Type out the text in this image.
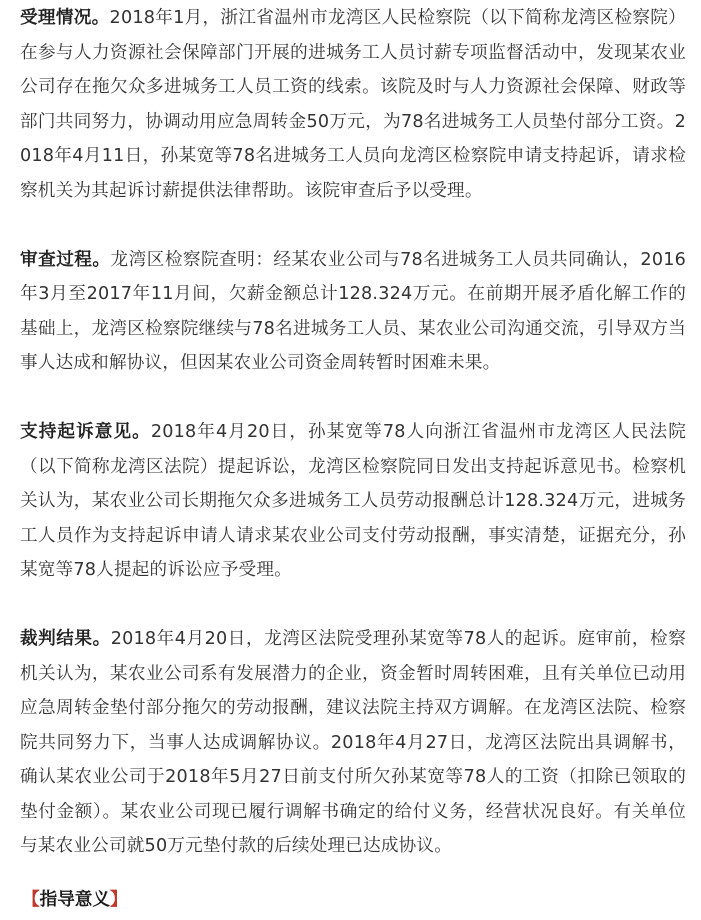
受理情况。2018年1月，浙江省温州市龙湾区人民检察院（以下简称龙湾区检察院）在参与人力资源社会保障部门开展的进城务工人员讨薪专项监督活动中，发现某农业公司存在拖欠众多进城务工人员工资的线索。该院及时与人力资源社会保障、财政等部门共同努力，协调动用应急周转金50万元，为78名进城务工人员垫付部分工资。2018年4月11日，孙某宽等78名进城务工人员向龙湾区检察院申请支持起诉，请求检察机关为其起诉讨薪提供法律帮助。该院审查后予以受理。

审查过程。龙湾区检察院查明：经某农业公司与78名进城务工人员共同确认，2016年3月至2017年11月间，欠薪金额总计128.324万元。在前期开展矛盾化解工作的基础上，龙湾区检察院继续与78名进城务工人员、某农业公司沟通交流，引导双方当事人达成和解协议，但因某农业公司资金周转暂时困难未果。

支持起诉意见。2018年4月20日，孙某宽等78人向浙江省温州市龙湾区人民法院（以下简称龙湾区法院）提起诉讼，龙湾区检察院同日发出支持起诉意见书。检察机关认为，某农业公司长期拖欠众多进城务工人员劳动报酬总计128.324万元，进城务工人员作为支持起诉申请人请求某农业公司支付劳动报酬，事实清楚，证据充分，孙某宽等78人提起的诉讼应予受理。

裁判结果。2018年4月20日，龙湾区法院受理孙某宽等78人的起诉。庭审前，检察机关认为，某农业公司系有发展潜力的企业，资金暂时周转困难，且有关单位已动用应急周转金垫付部分拖欠的劳动报酬，建议法院主持双方调解。在龙湾区法院、检察院共同努力下，当事人达成调解协议。2018年4月27日，龙湾区法院出具调解书，确认某农业公司于2018年5月27日前支付所欠孙某宽等78人的工资（扣除已领取的垫付金额）。某农业公司现已履行调解书确定的给付义务，经营状况良好。有关单位与某农业公司就50万元垫付款的后续处理已达成协议。

【指导意义】
